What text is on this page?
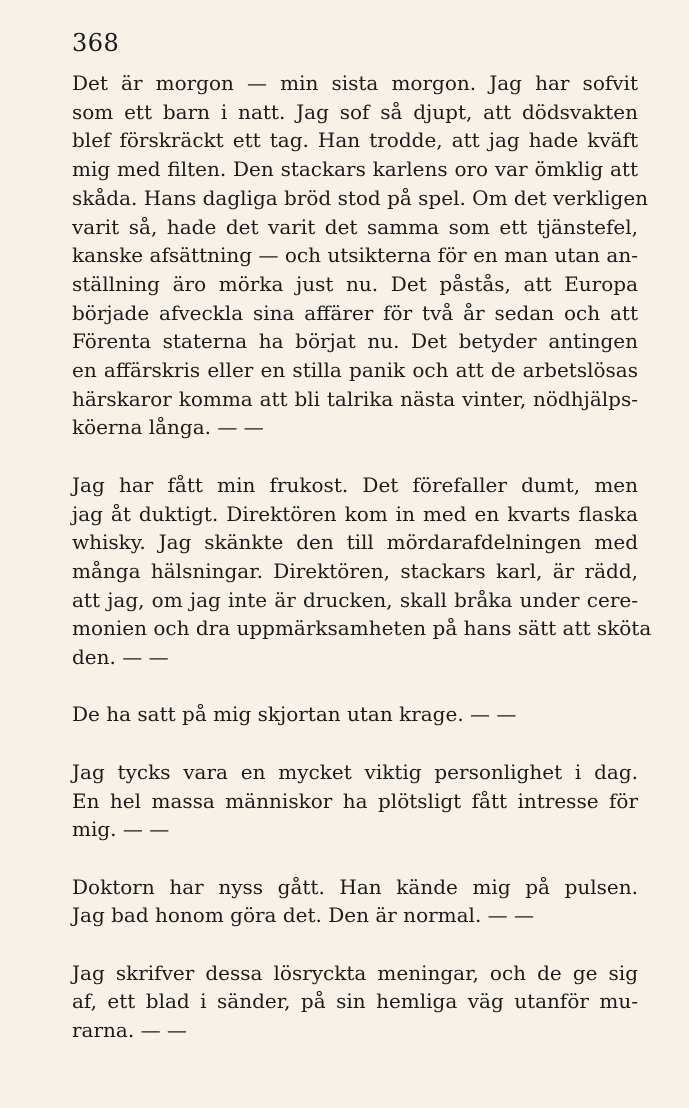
368
Det är morgon — min sista morgon. Jag har sofvit
som ett barn i natt. Jag sof så djupt, att dödsvakten
blef förskräckt ett tag. Han trodde, att jag hade kväft
mig med filten. Den stackars karlens oro var ömklig att
skåda. Hans dagliga bröd stod på spel. Om det verkligen
varit så, hade det varit det samma som ett tjänstefel,
kanske afsättning — och utsikterna för en man utan an-
ställning äro mörka just nu. Det påstås, att Europa
började afveckla sina affärer för två år sedan och att
Förenta staterna ha börjat nu. Det betyder antingen
en affärskris eller en stilla panik och att de arbetslösas
härskaror komma att bli talrika nästa vinter, nödhjälps-
köerna långa. — —
Jag har fått min frukost. Det förefaller dumt, men
jag åt duktigt. Direktören kom in med en kvarts flaska
whisky. Jag skänkte den till mördarafdelningen med
många hälsningar. Direktören, stackars karl, är rädd,
att jag, om jag inte är drucken, skall bråka under cere-
monien och dra uppmärksamheten på hans sätt att sköta
den. — —
De ha satt på mig skjortan utan krage. — —
Jag tycks vara en mycket viktig personlighet i dag.
En hel massa människor ha plötsligt fått intresse för
mig. — —
Doktorn har nyss gått. Han kände mig på pulsen.
Jag bad honom göra det. Den är normal. — —
Jag skrifver dessa lösryckta meningar, och de ge sig
af, ett blad i sänder, på sin hemliga väg utanför mu-
rarna. — —
